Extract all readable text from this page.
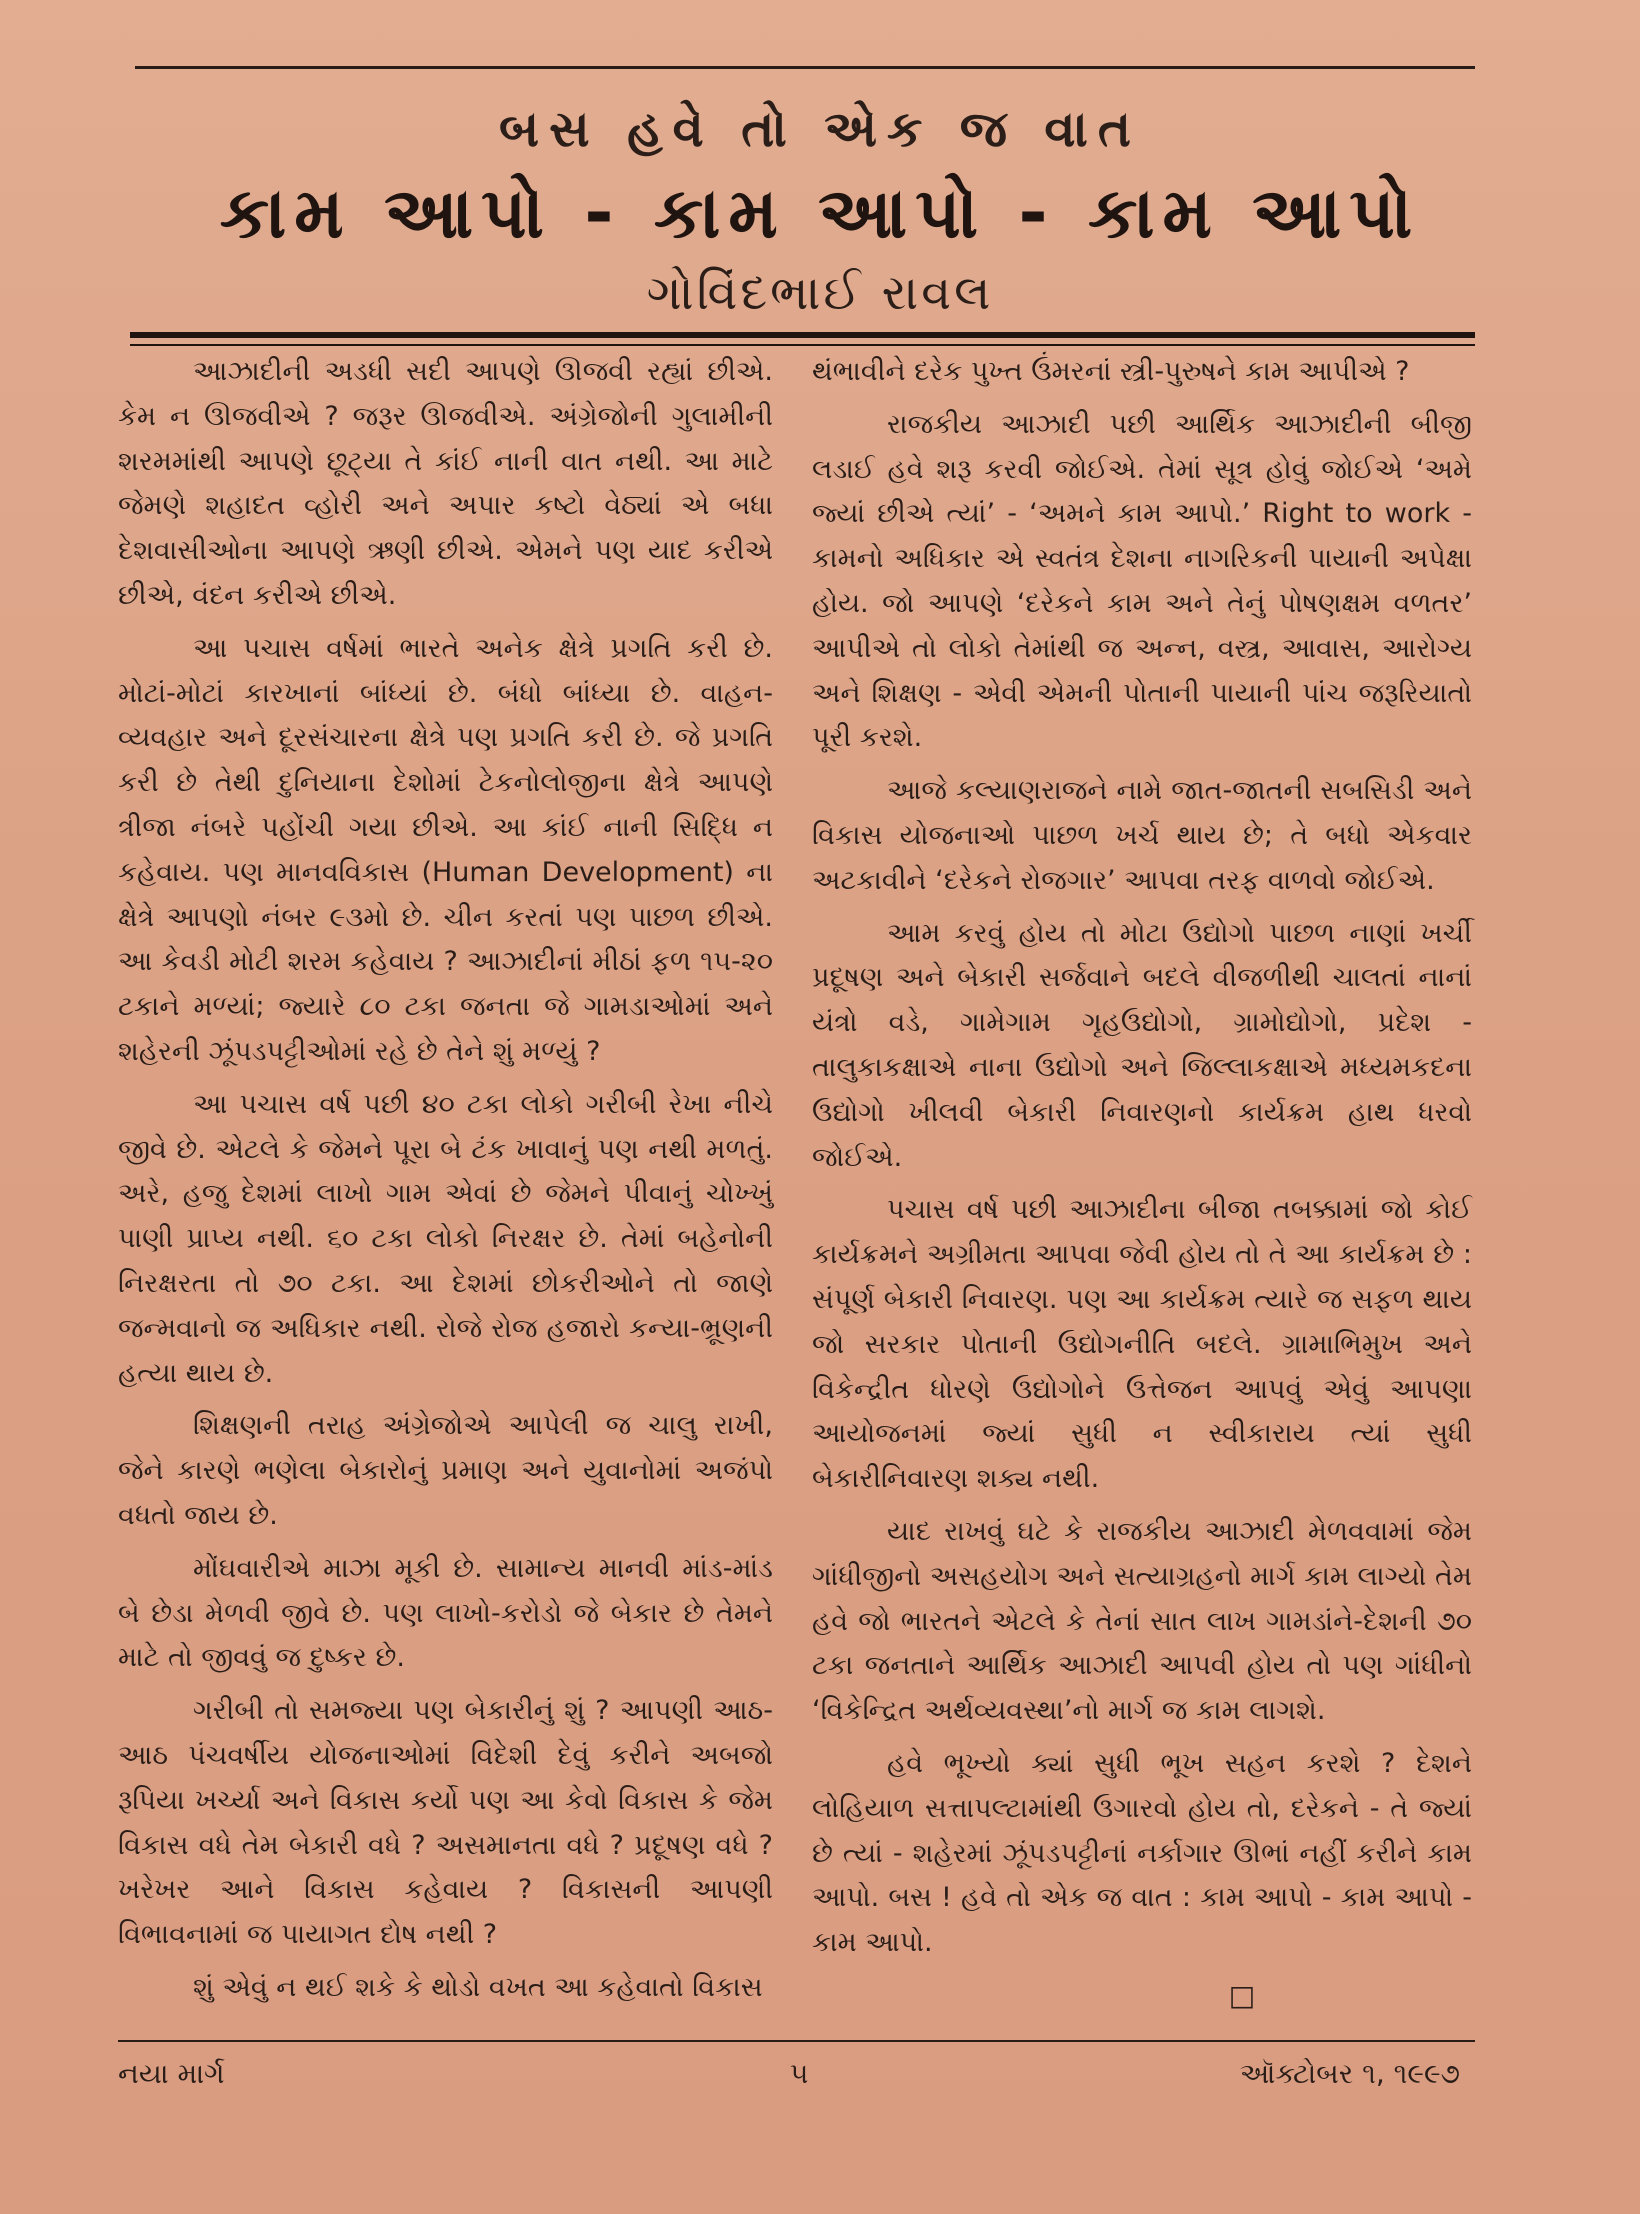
બસ હવે તો એક જ વાત
કામ આપો - કામ આપો - કામ આપો
ગોવિંદભાઈ રાવલ

આઝાદીની અડધી સદી આપણે ઊજવી રહ્યાં છીએ. કેમ ન ઊજવીએ ? જરૂર ઊજવીએ. અંગ્રેજોની ગુલામીની શરમમાંથી આપણે છૂટ્યા તે કાંઈ નાની વાત નથી. આ માટે જેમણે શહાદત વ્હોરી અને અપાર કષ્ટો વેઠ્યાં એ બધા દેશવાસીઓના આપણે ઋણી છીએ. એમને પણ યાદ કરીએ છીએ, વંદન કરીએ છીએ.

આ પચાસ વર્ષમાં ભારતે અનેક ક્ષેત્રે પ્રગતિ કરી છે. મોટાં-મોટાં કારખાનાં બાંધ્યાં છે. બંધો બાંધ્યા છે. વાહન-વ્યવહાર અને દૂરસંચારના ક્ષેત્રે પણ પ્રગતિ કરી છે. જે પ્રગતિ કરી છે તેથી દુનિયાના દેશોમાં ટેકનોલોજીના ક્ષેત્રે આપણે ત્રીજા નંબરે પહોંચી ગયા છીએ. આ કાંઈ નાની સિદ્ધિ ન કહેવાય. પણ માનવવિકાસ (Human Development) ના ક્ષેત્રે આપણો નંબર ૯૩મો છે. ચીન કરતાં પણ પાછળ છીએ. આ કેવડી મોટી શરમ કહેવાય ? આઝાદીનાં મીઠાં ફળ ૧૫-૨૦ ટકાને મળ્યાં; જ્યારે ૮૦ ટકા જનતા જે ગામડાઓમાં અને શહેરની ઝૂંપડપટ્ટીઓમાં રહે છે તેને શું મળ્યું ?

આ પચાસ વર્ષ પછી ૪૦ ટકા લોકો ગરીબી રેખા નીચે જીવે છે. એટલે કે જેમને પૂરા બે ટંક ખાવાનું પણ નથી મળતું. અરે, હજુ દેશમાં લાખો ગામ એવાં છે જેમને પીવાનું ચોખ્ખું પાણી પ્રાપ્ય નથી. ૬૦ ટકા લોકો નિરક્ષર છે. તેમાં બહેનોની નિરક્ષરતા તો ૭૦ ટકા. આ દેશમાં છોકરીઓને તો જાણે જન્મવાનો જ અધિકાર નથી. રોજે રોજ હજારો કન્યા-ભ્રૂણની હત્યા થાય છે.

શિક્ષણની તરાહ અંગ્રેજોએ આપેલી જ ચાલુ રાખી, જેને કારણે ભણેલા બેકારોનું પ્રમાણ અને યુવાનોમાં અજંપો વધતો જાય છે.

મોંઘવારીએ માઝા મૂકી છે. સામાન્ય માનવી માંડ-માંડ બે છેડા મેળવી જીવે છે. પણ લાખો-કરોડો જે બેકાર છે તેમને માટે તો જીવવું જ દુષ્કર છે.

ગરીબી તો સમજ્યા પણ બેકારીનું શું ? આપણી આઠ-આઠ પંચવર્ષીય યોજનાઓમાં વિદેશી દેવું કરીને અબજો રૂપિયા ખર્ચ્યા અને વિકાસ કર્યો પણ આ કેવો વિકાસ કે જેમ વિકાસ વધે તેમ બેકારી વધે ? અસમાનતા વધે ? પ્રદૂષણ વધે ? ખરેખર આને વિકાસ કહેવાય ? વિકાસની આપણી વિભાવનામાં જ પાયાગત દોષ નથી ?

શું એવું ન થઈ શકે કે થોડો વખત આ કહેવાતો વિકાસ

થંભાવીને દરેક પુખ્ત ઉંમરનાં સ્ત્રી-પુરુષને કામ આપીએ ?

રાજકીય આઝાદી પછી આર્થિક આઝાદીની બીજી લડાઈ હવે શરૂ કરવી જોઈએ. તેમાં સૂત્ર હોવું જોઈએ ‘અમે જ્યાં છીએ ત્યાં’ - ‘અમને કામ આપો.’ Right to work - કામનો અધિકાર એ સ્વતંત્ર દેશના નાગરિકની પાયાની અપેક્ષા હોય. જો આપણે ‘દરેકને કામ અને તેનું પોષણક્ષમ વળતર’ આપીએ તો લોકો તેમાંથી જ અન્ન, વસ્ત્ર, આવાસ, આરોગ્ય અને શિક્ષણ - એવી એમની પોતાની પાયાની પાંચ જરૂરિયાતો પૂરી કરશે.

આજે કલ્યાણરાજને નામે જાત-જાતની સબસિડી અને વિકાસ યોજનાઓ પાછળ ખર્ચ થાય છે; તે બધો એકવાર અટકાવીને ‘દરેકને રોજગાર’ આપવા તરફ વાળવો જોઈએ.

આમ કરવું હોય તો મોટા ઉદ્યોગો પાછળ નાણાં ખર્ચી પ્રદૂષણ અને બેકારી સર્જવાને બદલે વીજળીથી ચાલતાં નાનાં યંત્રો વડે, ગામેગામ ગૃહઉદ્યોગો, ગ્રામોદ્યોગો, પ્રદેશ - તાલુકાકક્ષાએ નાના ઉદ્યોગો અને જિલ્લાકક્ષાએ મધ્યમકદના ઉદ્યોગો ખીલવી બેકારી નિવારણનો કાર્યક્રમ હાથ ધરવો જોઈએ.

પચાસ વર્ષ પછી આઝાદીના બીજા તબક્કામાં જો કોઈ કાર્યક્રમને અગ્રીમતા આપવા જેવી હોય તો તે આ કાર્યક્રમ છે : સંપૂર્ણ બેકારી નિવારણ. પણ આ કાર્યક્રમ ત્યારે જ સફળ થાય જો સરકાર પોતાની ઉદ્યોગનીતિ બદલે. ગ્રામાભિમુખ અને વિકેન્દ્રીત ધોરણે ઉદ્યોગોને ઉત્તેજન આપવું એવું આપણા આયોજનમાં જ્યાં સુધી ન સ્વીકારાય ત્યાં સુધી બેકારીનિવારણ શક્ય નથી.

યાદ રાખવું ઘટે કે રાજકીય આઝાદી મેળવવામાં જેમ ગાંધીજીનો અસહયોગ અને સત્યાગ્રહનો માર્ગ કામ લાગ્યો તેમ હવે જો ભારતને એટલે કે તેનાં સાત લાખ ગામડાંને-દેશની ૭૦ ટકા જનતાને આર્થિક આઝાદી આપવી હોય તો પણ ગાંધીનો ‘વિકેન્દ્રિત અર્થવ્યવસ્થા’નો માર્ગ જ કામ લાગશે.

હવે ભૂખ્યો ક્યાં સુધી ભૂખ સહન કરશે ? દેશને લોહિયાળ સત્તાપલ્ટામાંથી ઉગારવો હોય તો, દરેકને - તે જ્યાં છે ત્યાં - શહેરમાં ઝૂંપડપટ્ટીનાં નર્કાગાર ઊભાં નહીં કરીને કામ આપો. બસ ! હવે તો એક જ વાત : કામ આપો - કામ આપો - કામ આપો.

□
નયા માર્ગ	૫	ઑક્ટોબર ૧, ૧૯૯૭
